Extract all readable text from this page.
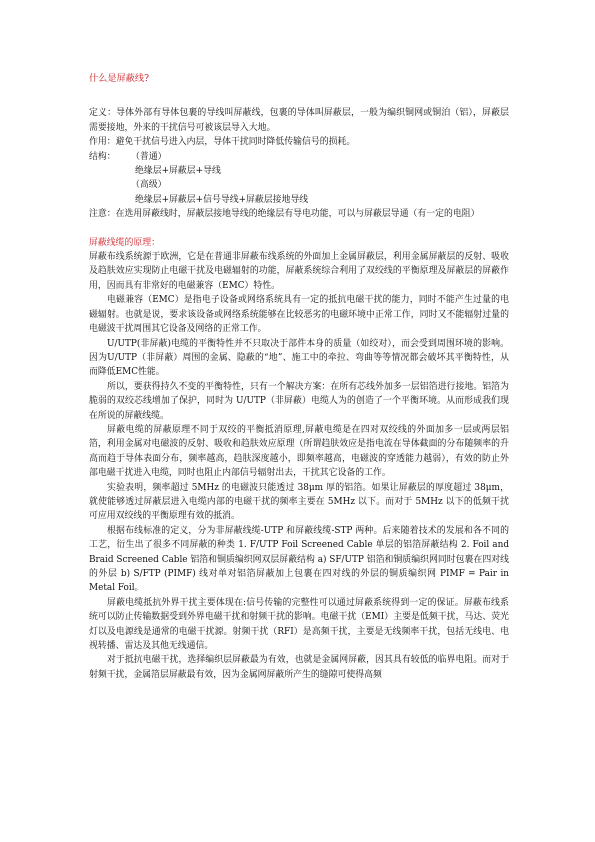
什么是屏蔽线?

定义：导体外部有导体包裹的导线叫屏蔽线，包裹的导体叫屏蔽层，一般为编织铜网或铜泊（铝），屏蔽层需要接地，外来的干扰信号可被该层导入大地。

作用：避免干扰信号进入内层，导体干扰同时降低传输信号的损耗。

结构：	（普通）

绝缘层+屏蔽层+导线

（高级）

绝缘层+屏蔽层+信号导线+屏蔽层接地导线

注意：在选用屏蔽线时，屏蔽层接地导线的绝缘层有导电功能，可以与屏蔽层导通（有一定的电阻）

屏蔽线缆的原理：

屏蔽布线系统源于欧洲，它是在普通非屏蔽布线系统的外面加上金属屏蔽层，利用金属屏蔽层的反射、吸收及趋肤效应实现防止电磁干扰及电磁辐射的功能，屏蔽系统综合利用了双绞线的平衡原理及屏蔽层的屏蔽作用，因而具有非常好的电磁兼容（EMC）特性。

电磁兼容（EMC）是指电子设备或网络系统具有一定的抵抗电磁干扰的能力，同时不能产生过量的电磁辐射。也就是说，要求该设备或网络系统能够在比较恶劣的电磁环境中正常工作，同时又不能辐射过量的电磁波干扰周围其它设备及网络的正常工作。

U/UTP(非屏蔽)电缆的平衡特性并不只取决于部件本身的质量（如绞对），而会受到周围环境的影响。因为U/UTP（非屏蔽）周围的金属、隐蔽的“地”、施工中的牵拉、弯曲等等情况都会破坏其平衡特性，从而降低EMC性能。

所以，要获得持久不变的平衡特性，只有一个解决方案：在所有芯线外加多一层铝箔进行接地。铝箔为脆弱的双绞芯线增加了保护，同时为 U/UTP（非屏蔽）电缆人为的创造了一个平衡环境。从而形成我们现在所说的屏蔽线缆。

屏蔽电缆的屏蔽原理不同于双绞的平衡抵消原理,屏蔽电缆是在四对双绞线的外面加多一层或两层铝箔，利用金属对电磁波的反射、吸收和趋肤效应原理（所谓趋肤效应是指电流在导体截面的分布随频率的升高而趋于导体表面分布，频率越高，趋肤深度越小，即频率越高，电磁波的穿透能力越弱），有效的防止外部电磁干扰进入电缆，同时也阻止内部信号辐射出去，干扰其它设备的工作。

实验表明，频率超过 5MHz 的电磁波只能透过 38μm 厚的铝箔。如果让屏蔽层的厚度超过 38μm，就使能够透过屏蔽层进入电缆内部的电磁干扰的频率主要在 5MHz 以下。而对于 5MHz 以下的低频干扰可应用双绞线的平衡原理有效的抵消。

根据布线标准的定义，分为非屏蔽线缆-UTP 和屏蔽线缆-STP 两种。后来随着技术的发展和各不同的工艺，衍生出了很多不同屏蔽的种类 1. F/UTP Foil Screened Cable 单层的铝箔屏蔽结构 2. Foil and Braid Screened Cable 铝箔和铜质编织网双层屏蔽结构 a) SF/UTP 铝箔和铜质编织网同时包裹在四对线的外层 b) S/FTP (PIMF) 线对单对铝箔屏蔽加上包裹在四对线的外层的铜质编织网 PIMF = Pair in Metal Foil。

屏蔽电缆抵抗外界干扰主要体现在:信号传输的完整性可以通过屏蔽系统得到一定的保证。屏蔽布线系统可以防止传输数据受到外界电磁干扰和射频干扰的影响。电磁干扰（EMI）主要是低频干扰，马达、荧光灯以及电源线是通常的电磁干扰源。射频干扰（RFI）是高频干扰，主要是无线频率干扰，包括无线电、电视转播、雷达及其他无线通信。

对于抵抗电磁干扰，选择编织层屏蔽最为有效，也就是金属网屏蔽，因其具有较低的临界电阻。而对于射频干扰，金属箔层屏蔽最有效，因为金属网屏蔽所产生的缝隙可使得高频
